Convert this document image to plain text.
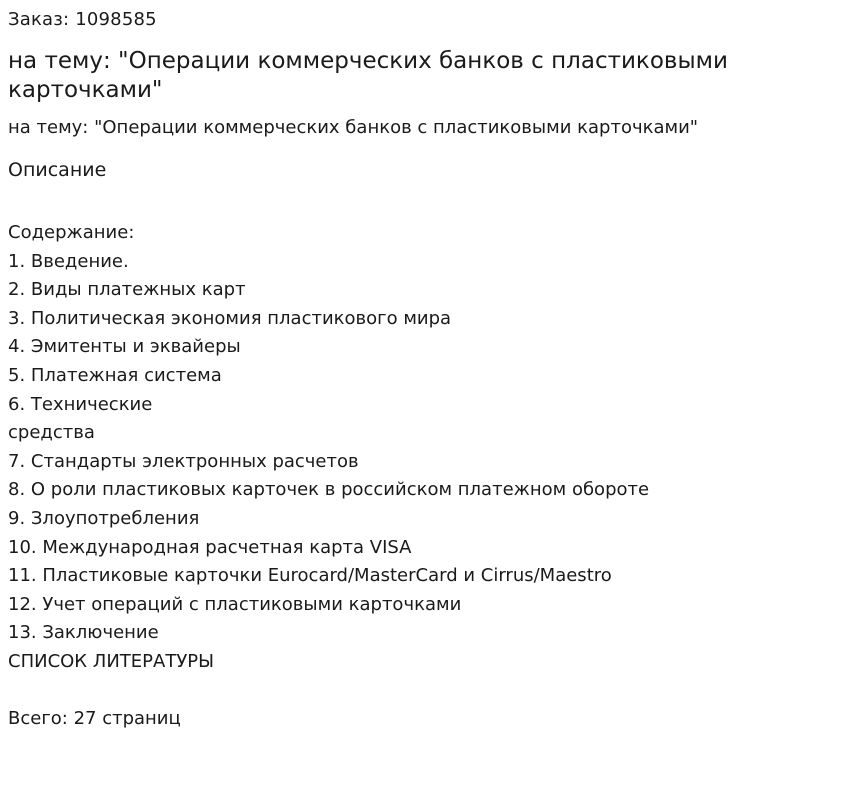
Заказ: 1098585
на тему: "Операции коммерческих банков с пластиковыми карточками"
на тему: "Операции коммерческих банков с пластиковыми карточками"
Описание
Содержание:
1. Введение.
2. Виды платежных карт
3. Политическая экономия пластикового мира
4. Эмитенты и эквайеры
5. Платежная система
6. Технические
средства
7. Стандарты электронных расчетов
8. О роли пластиковых карточек в российском платежном обороте
9. Злоупотребления
10. Международная расчетная карта VISA
11. Пластиковые карточки Eurocard/MasterCard и Cirrus/Maestro
12. Учет операций с пластиковыми карточками
13. Заключение
СПИСОК ЛИТЕРАТУРЫ
Всего: 27 страниц
